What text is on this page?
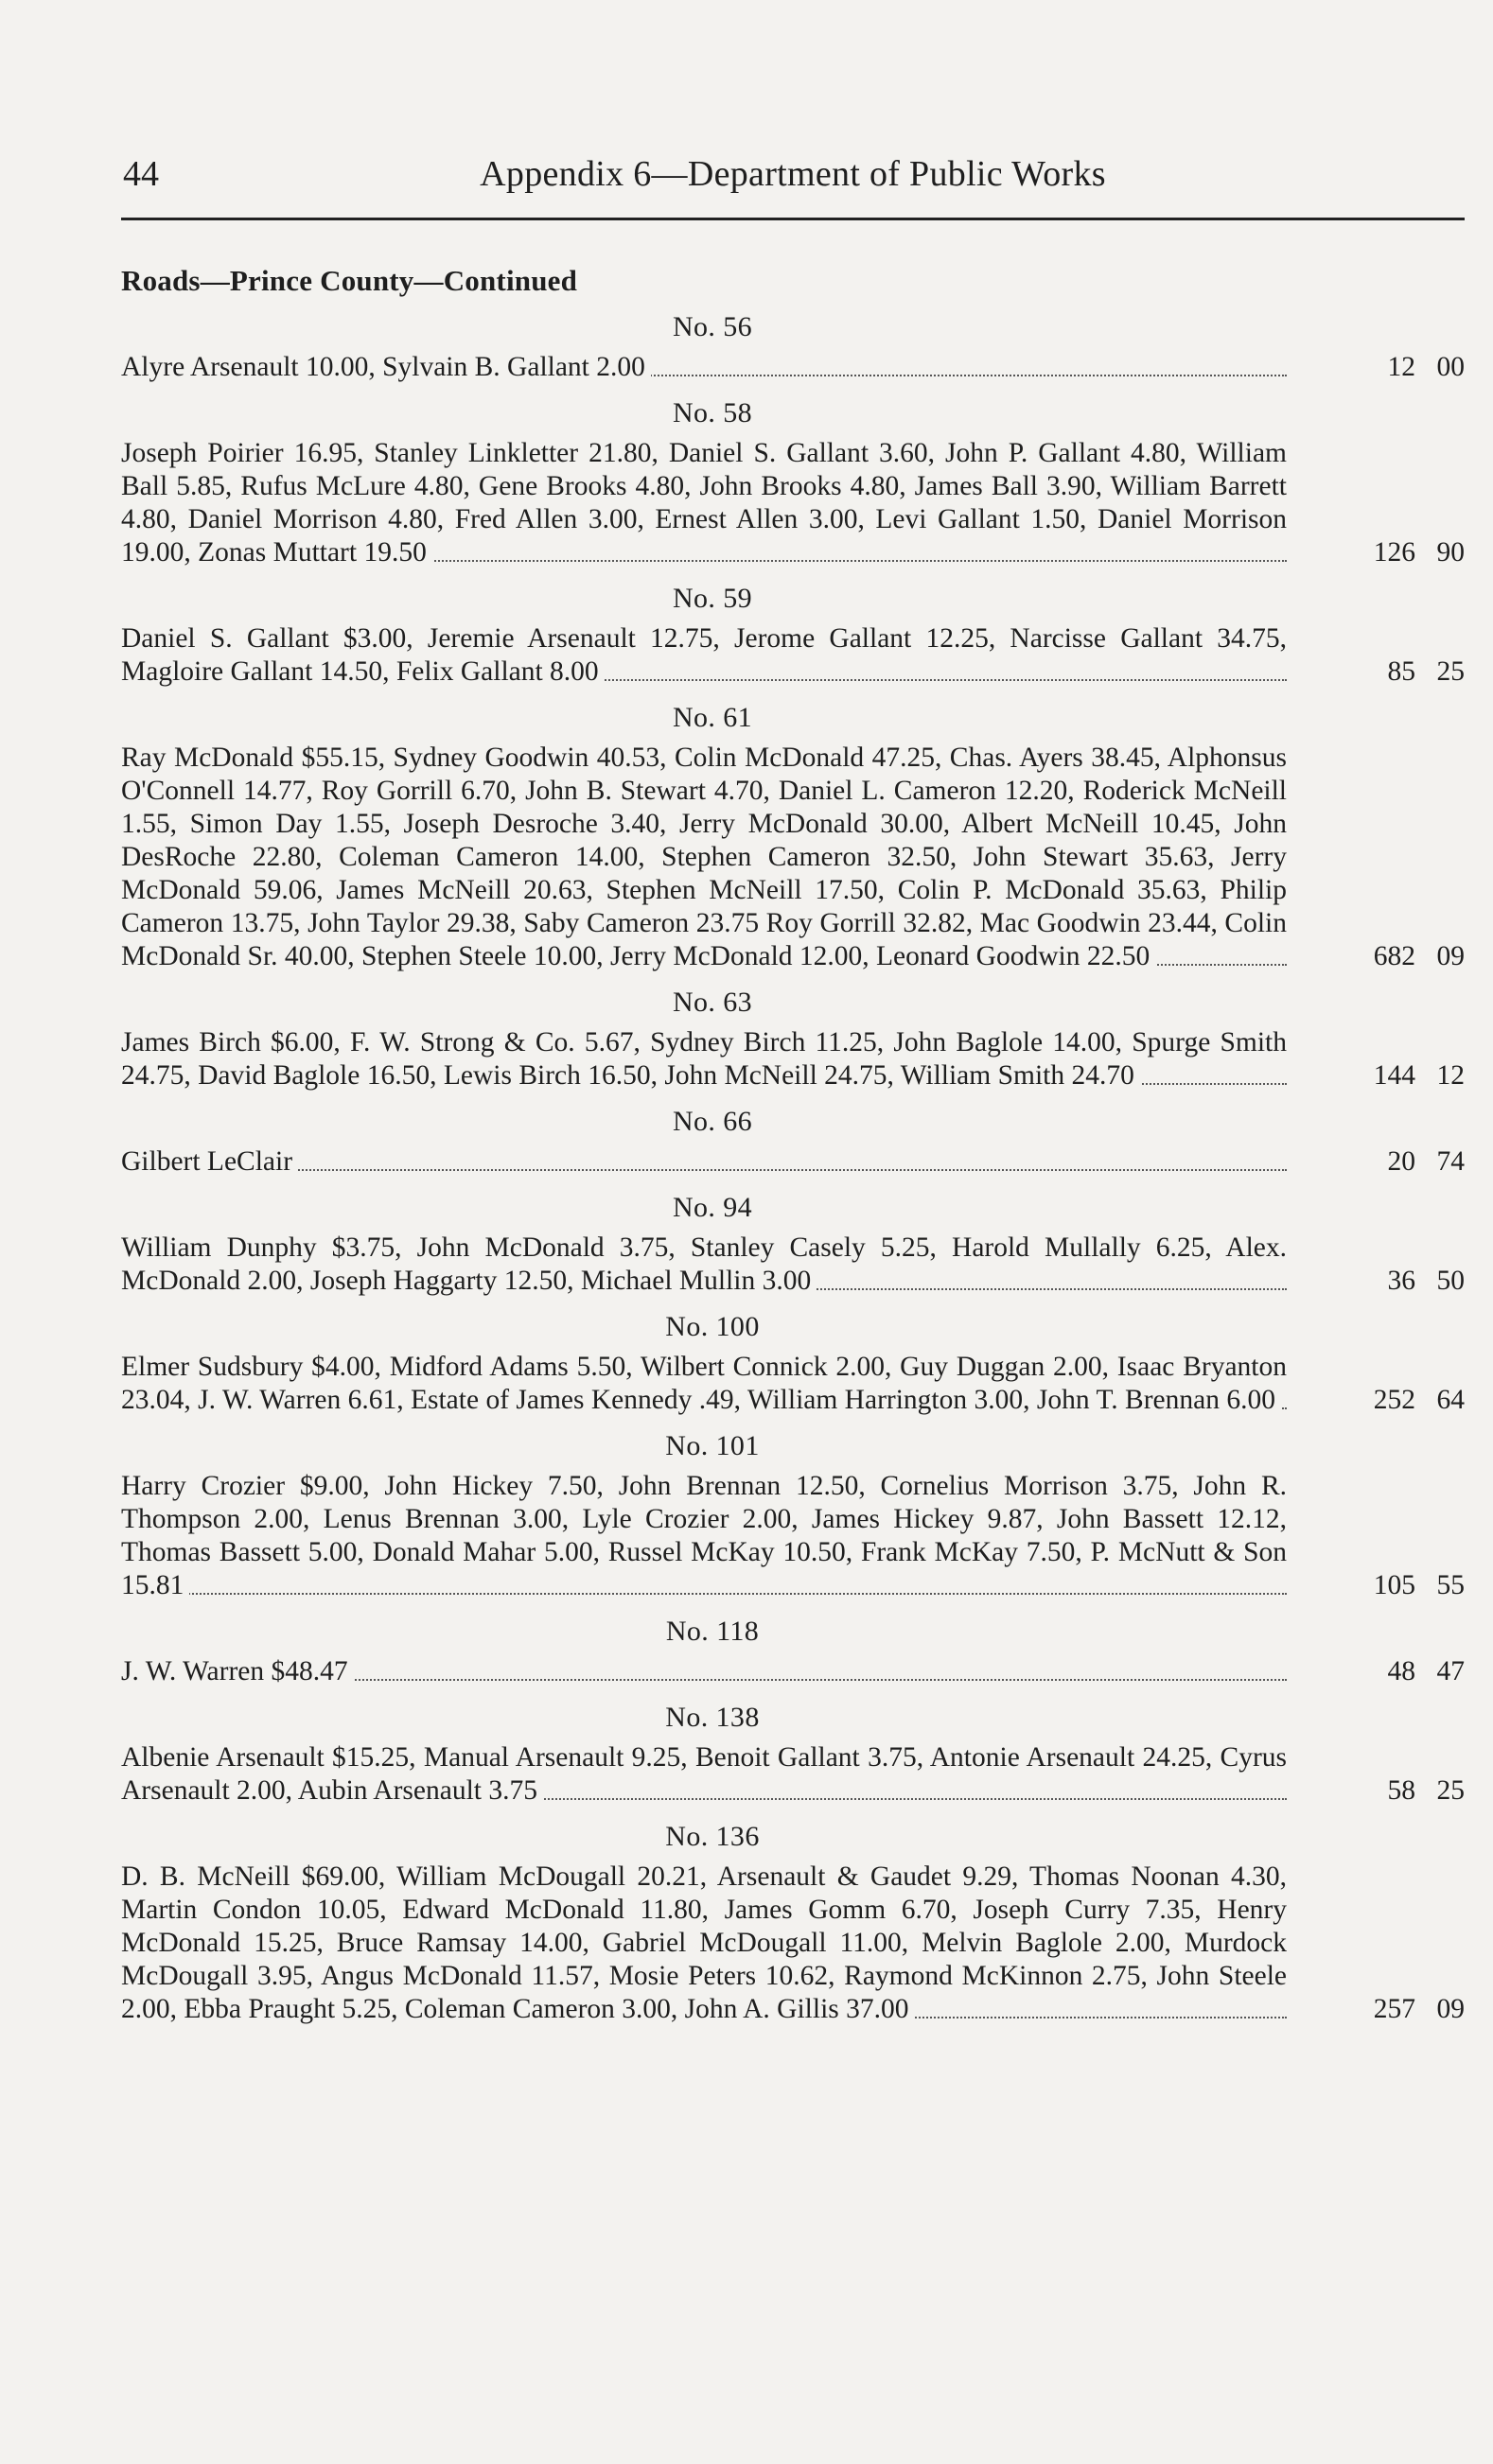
44	Appendix 6—Department of Public Works
Roads—Prince County—Continued
No. 56
Alyre Arsenault 10.00, Sylvain B. Gallant 2.00	12 00
No. 58
Joseph Poirier 16.95, Stanley Linkletter 21.80, Daniel S. Gallant 3.60, John P. Gallant 4.80, William Ball 5.85, Rufus McLure 4.80, Gene Brooks 4.80, John Brooks 4.80, James Ball 3.90, William Barrett 4.80, Daniel Morrison 4.80, Fred Allen 3.00, Ernest Allen 3.00, Levi Gallant 1.50, Daniel Morrison 19.00, Zonas Muttart 19.50	126 90
No. 59
Daniel S. Gallant $3.00, Jeremie Arsenault 12.75, Jerome Gallant 12.25, Narcisse Gallant 34.75, Magloire Gallant 14.50, Felix Gallant 8.00	85 25
No. 61
Ray McDonald $55.15, Sydney Goodwin 40.53, Colin McDonald 47.25, Chas. Ayers 38.45, Alphonsus O'Connell 14.77, Roy Gorrill 6.70, John B. Stewart 4.70, Daniel L. Cameron 12.20, Roderick McNeill 1.55, Simon Day 1.55, Joseph Desroche 3.40, Jerry McDonald 30.00, Albert McNeill 10.45, John DesRoche 22.80, Coleman Cameron 14.00, Stephen Cameron 32.50, John Stewart 35.63, Jerry McDonald 59.06, James McNeill 20.63, Stephen McNeill 17.50, Colin P. McDonald 35.63, Philip Cameron 13.75, John Taylor 29.38, Saby Cameron 23.75 Roy Gorrill 32.82, Mac Goodwin 23.44, Colin McDonald Sr. 40.00, Stephen Steele 10.00, Jerry McDonald 12.00, Leonard Goodwin 22.50	682 09
No. 63
James Birch $6.00, F. W. Strong & Co. 5.67, Sydney Birch 11.25, John Baglole 14.00, Spurge Smith 24.75, David Baglole 16.50, Lewis Birch 16.50, John McNeill 24.75, William Smith 24.70	144 12
No. 66
Gilbert LeClair	20 74
No. 94
William Dunphy $3.75, John McDonald 3.75, Stanley Casely 5.25, Harold Mullally 6.25, Alex. McDonald 2.00, Joseph Haggarty 12.50, Michael Mullin 3.00	36 50
No. 100
Elmer Sudsbury $4.00, Midford Adams 5.50, Wilbert Connick 2.00, Guy Duggan 2.00, Isaac Bryanton 23.04, J. W. Warren 6.61, Estate of James Kennedy .49, William Harrington 3.00, John T. Brennan 6.00	252 64
No. 101
Harry Crozier $9.00, John Hickey 7.50, John Brennan 12.50, Cornelius Morrison 3.75, John R. Thompson 2.00, Lenus Brennan 3.00, Lyle Crozier 2.00, James Hickey 9.87, John Bassett 12.12, Thomas Bassett 5.00, Donald Mahar 5.00, Russel McKay 10.50, Frank McKay 7.50, P. McNutt & Son 15.81	105 55
No. 118
J. W. Warren $48.47	48 47
No. 138
Albenie Arsenault $15.25, Manual Arsenault 9.25, Benoit Gallant 3.75, Antonie Arsenault 24.25, Cyrus Arsenault 2.00, Aubin Arsenault 3.75	58 25
No. 136
D. B. McNeill $69.00, William McDougall 20.21, Arsenault & Gaudet 9.29, Thomas Noonan 4.30, Martin Condon 10.05, Edward McDonald 11.80, James Gomm 6.70, Joseph Curry 7.35, Henry McDonald 15.25, Bruce Ramsay 14.00, Gabriel McDougall 11.00, Melvin Baglole 2.00, Murdock McDougall 3.95, Angus McDonald 11.57, Mosie Peters 10.62, Raymond McKinnon 2.75, John Steele 2.00, Ebba Praught 5.25, Coleman Cameron 3.00, John A. Gillis 37.00	257 09
